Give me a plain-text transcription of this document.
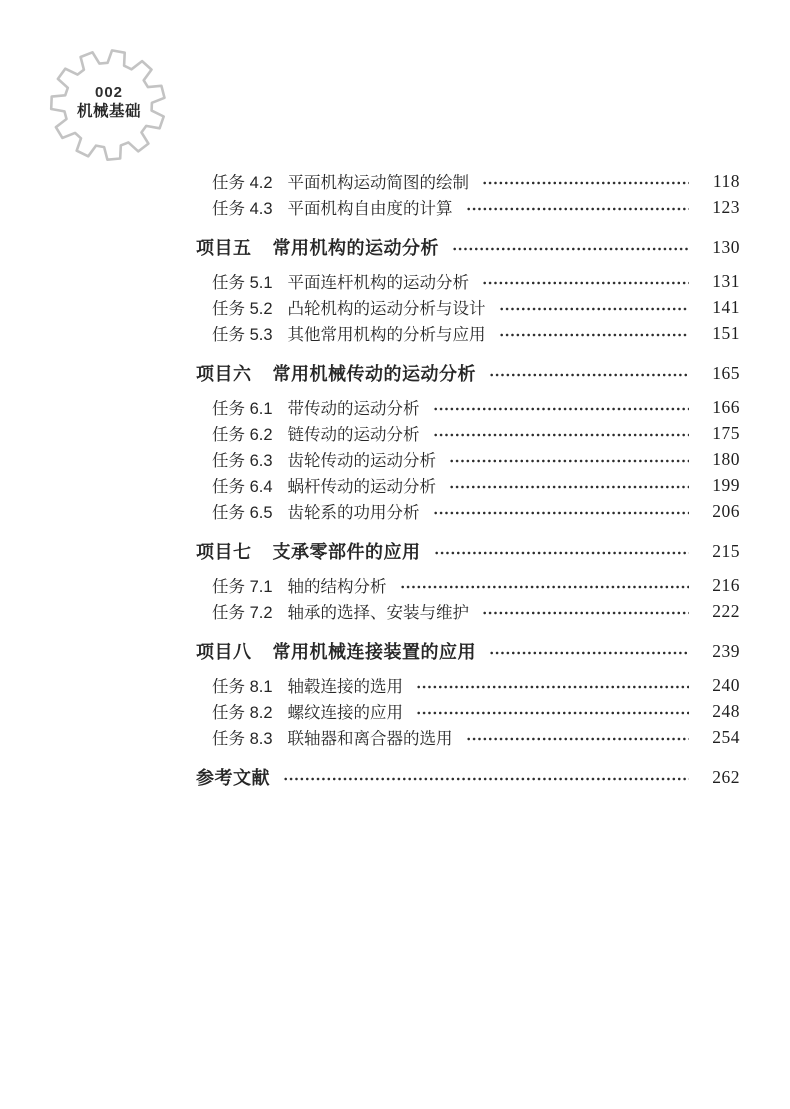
002
机械基础
任务 4.2 平面机构运动简图的绘制	118
任务 4.3 平面机构自由度的计算	123
项目五 常用机构的运动分析	130
任务 5.1 平面连杆机构的运动分析	131
任务 5.2 凸轮机构的运动分析与设计	141
任务 5.3 其他常用机构的分析与应用	151
项目六 常用机械传动的运动分析	165
任务 6.1 带传动的运动分析	166
任务 6.2 链传动的运动分析	175
任务 6.3 齿轮传动的运动分析	180
任务 6.4 蜗杆传动的运动分析	199
任务 6.5 齿轮系的功用分析	206
项目七 支承零部件的应用	215
任务 7.1 轴的结构分析	216
任务 7.2 轴承的选择、安装与维护	222
项目八 常用机械连接装置的应用	239
任务 8.1 轴毂连接的选用	240
任务 8.2 螺纹连接的应用	248
任务 8.3 联轴器和离合器的选用	254
参考文献	262
